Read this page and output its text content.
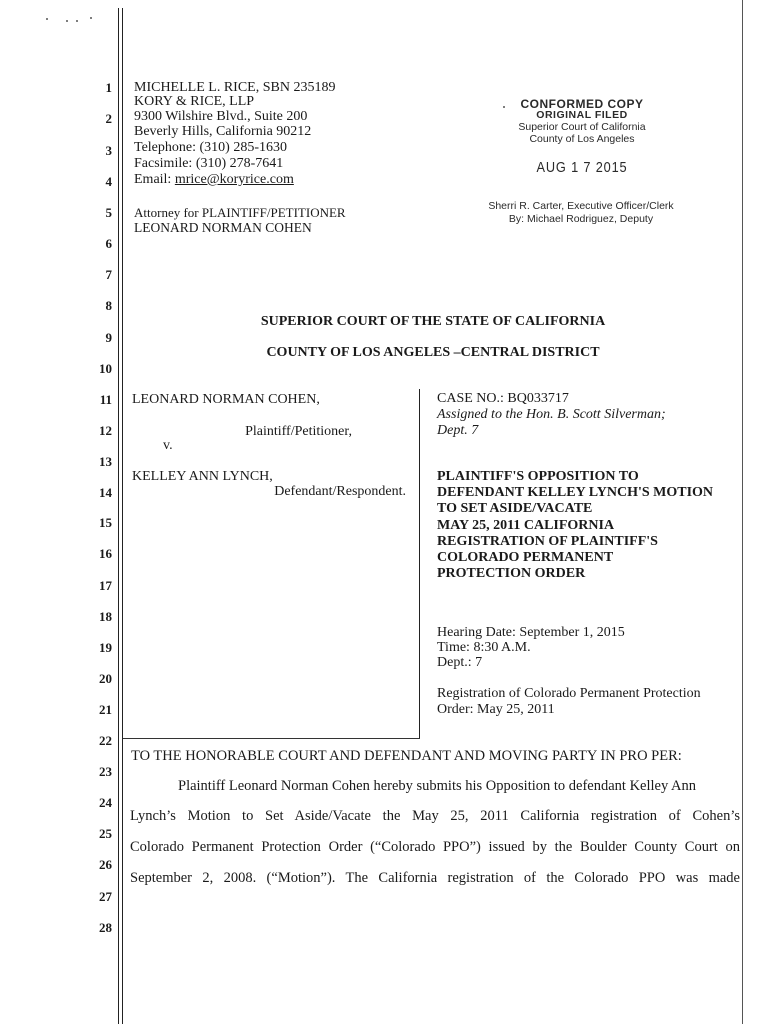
1
2
3
4
5
6
7
8
9
10
11
12
13
14
15
16
17
18
19
20
21
22
23
24
25
26
27
28
MICHELLE L. RICE, SBN 235189
KORY & RICE, LLP
9300 Wilshire Blvd., Suite 200
Beverly Hills, California 90212
Telephone: (310) 285-1630
Facsimile: (310) 278-7641
Email: mrice@koryrice.com
Attorney for PLAINTIFF/PETITIONER
LEONARD NORMAN COHEN
CONFORMED COPY
ORIGINAL FILED
Superior Court of California
County of Los Angeles
AUG 1 7 2015
Sherri R. Carter, Executive Officer/Clerk
By: Michael Rodriguez, Deputy
SUPERIOR COURT OF THE STATE OF CALIFORNIA
COUNTY OF LOS ANGELES –CENTRAL DISTRICT
LEONARD NORMAN COHEN,
Plaintiff/Petitioner,
v.
KELLEY ANN LYNCH,
Defendant/Respondent.
CASE NO.: BQ033717
Assigned to the Hon. B. Scott Silverman;
Dept. 7
PLAINTIFF'S OPPOSITION TO
DEFENDANT KELLEY LYNCH'S MOTION
TO SET ASIDE/VACATE
MAY 25, 2011 CALIFORNIA
REGISTRATION OF PLAINTIFF'S
COLORADO PERMANENT
PROTECTION ORDER
Hearing Date: September 1, 2015
Time: 8:30 A.M.
Dept.: 7
Registration of Colorado Permanent Protection
Order: May 25, 2011
TO THE HONORABLE COURT AND DEFENDANT AND MOVING PARTY IN PRO PER:
Plaintiff Leonard Norman Cohen hereby submits his Opposition to defendant Kelley Ann
Lynch’s Motion to Set Aside/Vacate the May 25, 2011 California registration of Cohen’s
Colorado Permanent Protection Order (“Colorado PPO”) issued by the Boulder County Court on
September 2, 2008. (“Motion”). The California registration of the Colorado PPO was made
